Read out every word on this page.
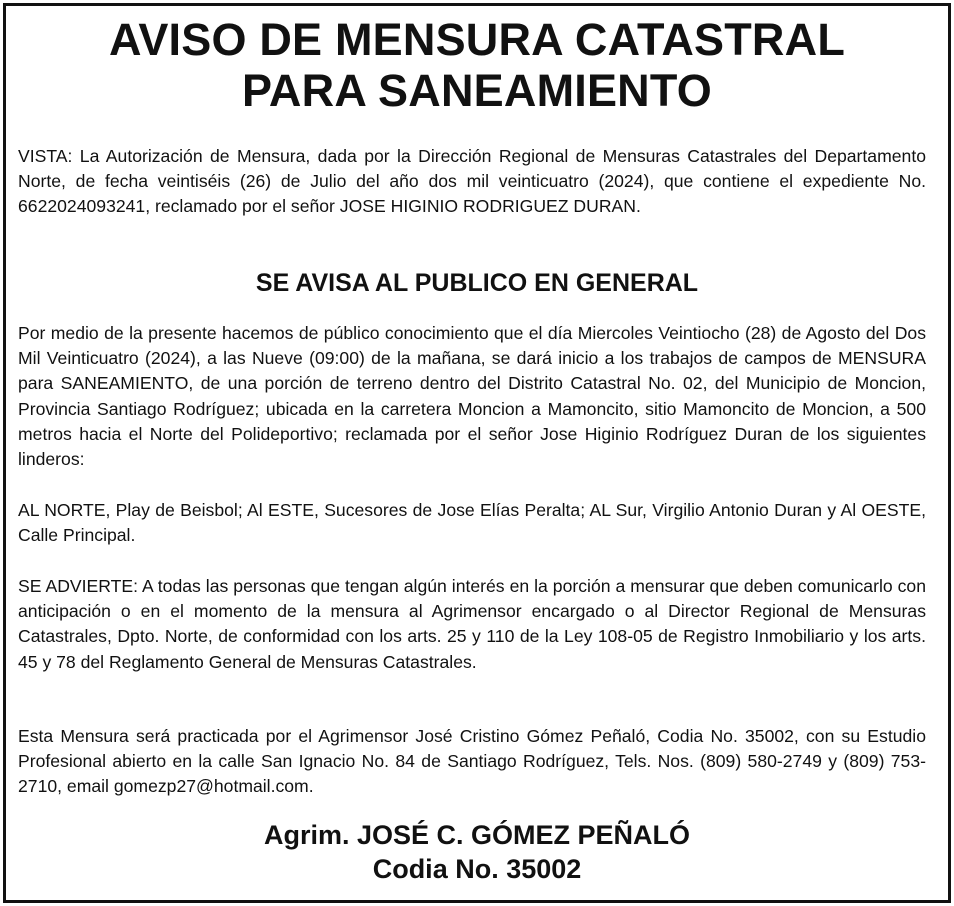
AVISO DE MENSURA CATASTRAL
PARA SANEAMIENTO
VISTA: La Autorización de Mensura, dada por la Dirección Regional de Mensuras Catastrales del Departamento Norte, de fecha veintiséis (26) de Julio del año dos mil veinticuatro (2024), que contiene el expediente No. 6622024093241, reclamado por el señor JOSE HIGINIO RODRIGUEZ DURAN.
SE AVISA AL PUBLICO EN GENERAL
Por medio de la presente hacemos de público conocimiento que el día Miercoles Veintiocho (28) de Agosto del Dos Mil Veinticuatro (2024), a las Nueve (09:00) de la mañana, se dará inicio a los trabajos de campos de MENSURA para SANEAMIENTO, de una porción de terreno dentro del Distrito Catastral No. 02, del Municipio de Moncion, Provincia Santiago Rodríguez; ubicada en la carretera Moncion a Mamoncito, sitio Mamoncito de Moncion, a 500 metros hacia el Norte del Polideportivo; reclamada por el señor Jose Higinio Rodríguez Duran de los siguientes linderos:
AL NORTE, Play de Beisbol; Al ESTE, Sucesores de Jose Elías Peralta; AL Sur, Virgilio Antonio Duran y Al OESTE, Calle Principal.
SE ADVIERTE: A todas las personas que tengan algún interés en la porción a mensurar que deben comunicarlo con anticipación o en el momento de la mensura al Agrimensor encargado o al Director Regional de Mensuras Catastrales, Dpto. Norte, de conformidad con los arts. 25 y 110 de la Ley 108-05 de Registro Inmobiliario y los arts. 45 y 78 del Reglamento General de Mensuras Catastrales.
Esta Mensura será practicada por el Agrimensor José Cristino Gómez Peñaló, Codia No. 35002, con su Estudio Profesional abierto en la calle San Ignacio No. 84 de Santiago Rodríguez, Tels. Nos. (809) 580-2749 y (809) 753-2710, email gomezp27@hotmail.com.
Agrim. JOSÉ C. GÓMEZ PEÑALÓ
Codia No. 35002
